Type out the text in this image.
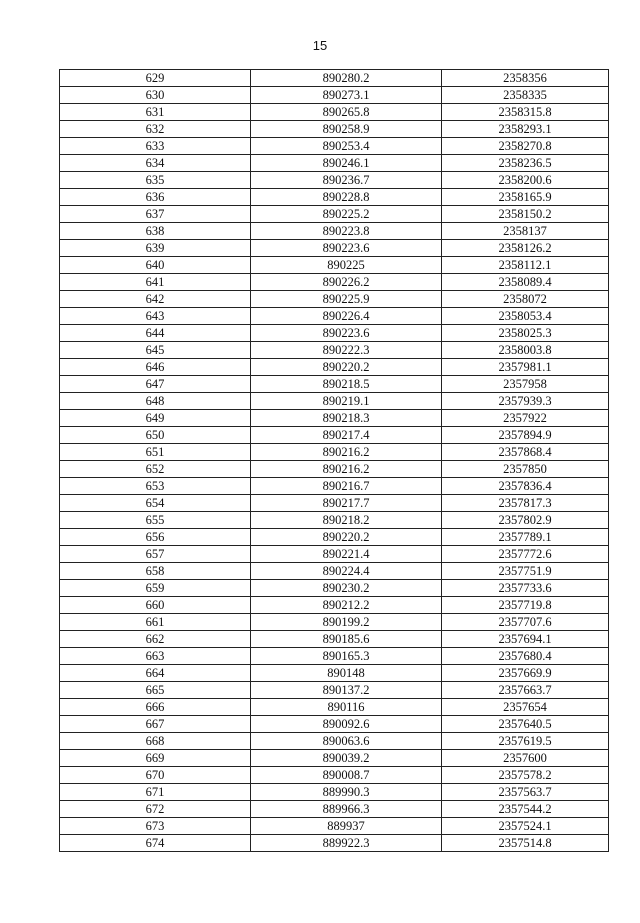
15
629	890280.2	2358356
630	890273.1	2358335
631	890265.8	2358315.8
632	890258.9	2358293.1
633	890253.4	2358270.8
634	890246.1	2358236.5
635	890236.7	2358200.6
636	890228.8	2358165.9
637	890225.2	2358150.2
638	890223.8	2358137
639	890223.6	2358126.2
640	890225	2358112.1
641	890226.2	2358089.4
642	890225.9	2358072
643	890226.4	2358053.4
644	890223.6	2358025.3
645	890222.3	2358003.8
646	890220.2	2357981.1
647	890218.5	2357958
648	890219.1	2357939.3
649	890218.3	2357922
650	890217.4	2357894.9
651	890216.2	2357868.4
652	890216.2	2357850
653	890216.7	2357836.4
654	890217.7	2357817.3
655	890218.2	2357802.9
656	890220.2	2357789.1
657	890221.4	2357772.6
658	890224.4	2357751.9
659	890230.2	2357733.6
660	890212.2	2357719.8
661	890199.2	2357707.6
662	890185.6	2357694.1
663	890165.3	2357680.4
664	890148	2357669.9
665	890137.2	2357663.7
666	890116	2357654
667	890092.6	2357640.5
668	890063.6	2357619.5
669	890039.2	2357600
670	890008.7	2357578.2
671	889990.3	2357563.7
672	889966.3	2357544.2
673	889937	2357524.1
674	889922.3	2357514.8
